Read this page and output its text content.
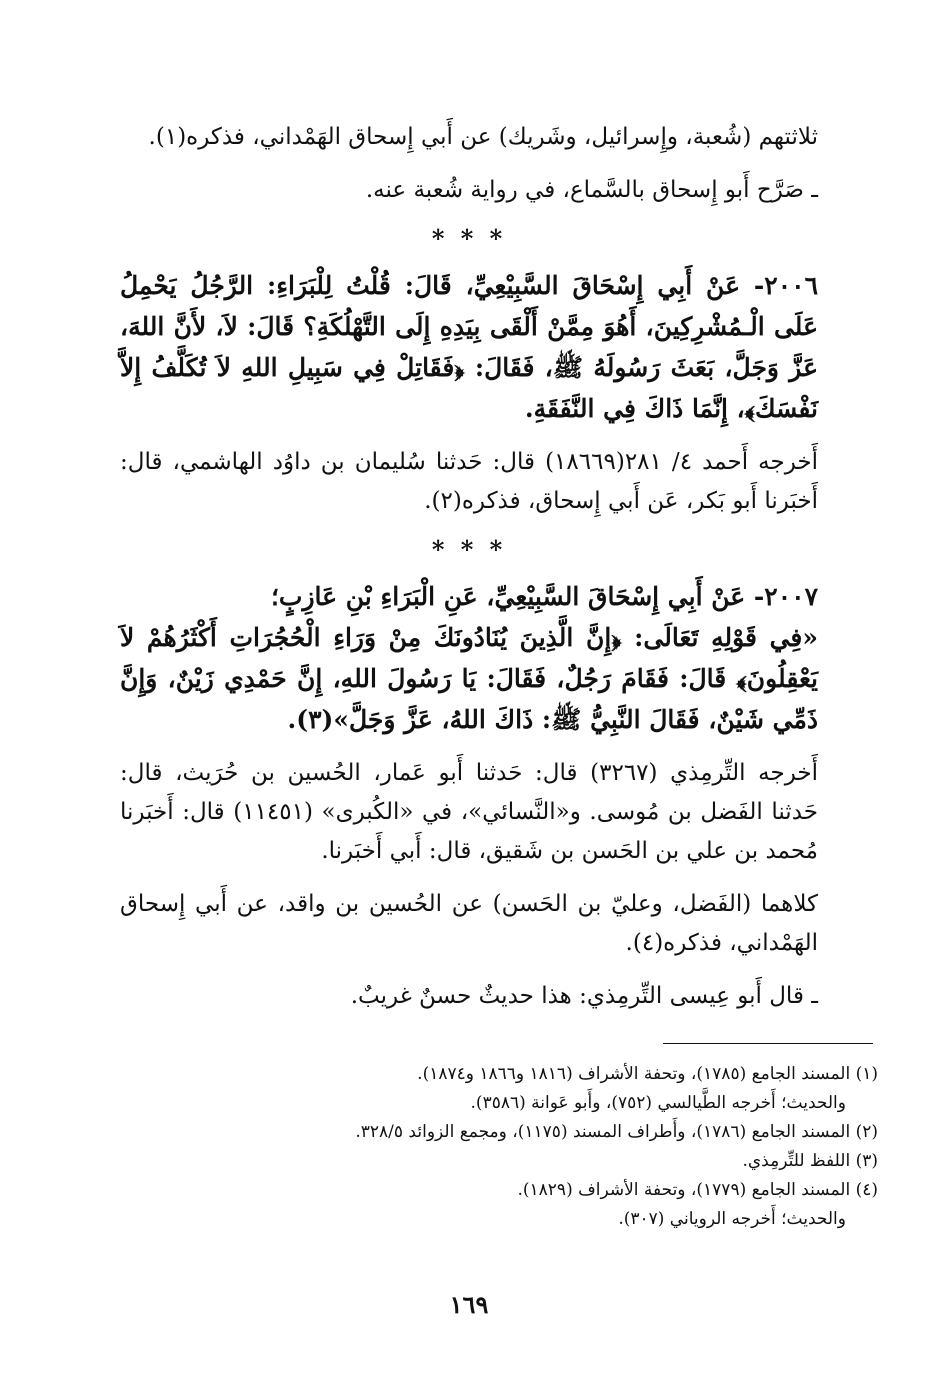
ثلاثتهم (شُعبة، وإِسرائيل، وشَريك) عن أَبي إِسحاق الهَمْداني، فذكره(١).

ـ صَرَّح أَبو إِسحاق بالسَّماع، في رواية شُعبة عنه.

* * *

٢٠٠٦- عَنْ أَبِي إِسْحَاقَ السَّبِيْعِيِّ، قَالَ: قُلْتُ لِلْبَرَاءِ: الرَّجُلُ يَحْمِلُ عَلَى الْـمُشْرِكِينَ، أَهُوَ مِمَّنْ أَلْقَى بِيَدِهِ إِلَى التَّهْلُكَةِ؟ قَالَ: لاَ، لأَنَّ اللهَ، عَزَّ وَجَلَّ، بَعَثَ رَسُولَهُ ﷺ، فَقَالَ: ﴿فَقَاتِلْ فِي سَبِيلِ اللهِ لاَ تُكَلَّفُ إِلاَّ نَفْسَكَ﴾، إِنَّمَا ذَاكَ فِي النَّفَقَةِ.

أَخرجه أَحمد ٤/ ٢٨١(١٨٦٦٩) قال: حَدثنا سُليمان بن داوُد الهاشمي، قال: أَخبَرنا أَبو بَكر، عَن أَبي إِسحاق، فذكره(٢).

* * *

٢٠٠٧- عَنْ أَبِي إِسْحَاقَ السَّبِيْعِيِّ، عَنِ الْبَرَاءِ بْنِ عَازِبٍ؛

«فِي قَوْلِهِ تَعَالَى: ﴿إِنَّ الَّذِينَ يُنَادُونَكَ مِنْ وَرَاءِ الْحُجُرَاتِ أَكْثَرُهُمْ لاَ يَعْقِلُونَ﴾ قَالَ: فَقَامَ رَجُلٌ، فَقَالَ: يَا رَسُولَ اللهِ، إِنَّ حَمْدِي زَيْنٌ، وَإِنَّ ذَمِّي شَيْنٌ، فَقَالَ النَّبِيُّ ﷺ: ذَاكَ اللهُ، عَزَّ وَجَلَّ»(٣).

أَخرجه التِّرمِذي (٣٢٦٧) قال: حَدثنا أَبو عَمار، الحُسين بن حُرَيث، قال: حَدثنا الفَضل بن مُوسى. و«النَّسائي»، في «الكُبرى» (١١٤٥١) قال: أَخبَرنا مُحمد بن علي بن الحَسن بن شَقيق، قال: أَبي أَخبَرنا.

كلاهما (الفَضل، وعليّ بن الحَسن) عن الحُسين بن واقد، عن أَبي إِسحاق الهَمْداني، فذكره(٤).

ـ قال أَبو عِيسى التِّرمِذي: هذا حديثٌ حسنٌ غريبٌ.

(١) المسند الجامع (١٧٨٥)، وتحفة الأشراف (١٨١٦ و١٨٦٦ و١٨٧٤).

والحديث؛ أَخرجه الطَّيالسي (٧٥٢)، وأَبو عَوانة (٣٥٨٦).

(٢) المسند الجامع (١٧٨٦)، وأَطراف المسند (١١٧٥)، ومجمع الزوائد ٣٢٨/٥.

(٣) اللفظ للتِّرمِذي.

(٤) المسند الجامع (١٧٧٩)، وتحفة الأشراف (١٨٢٩).

والحديث؛ أَخرجه الروياني (٣٠٧).

١٦٩
